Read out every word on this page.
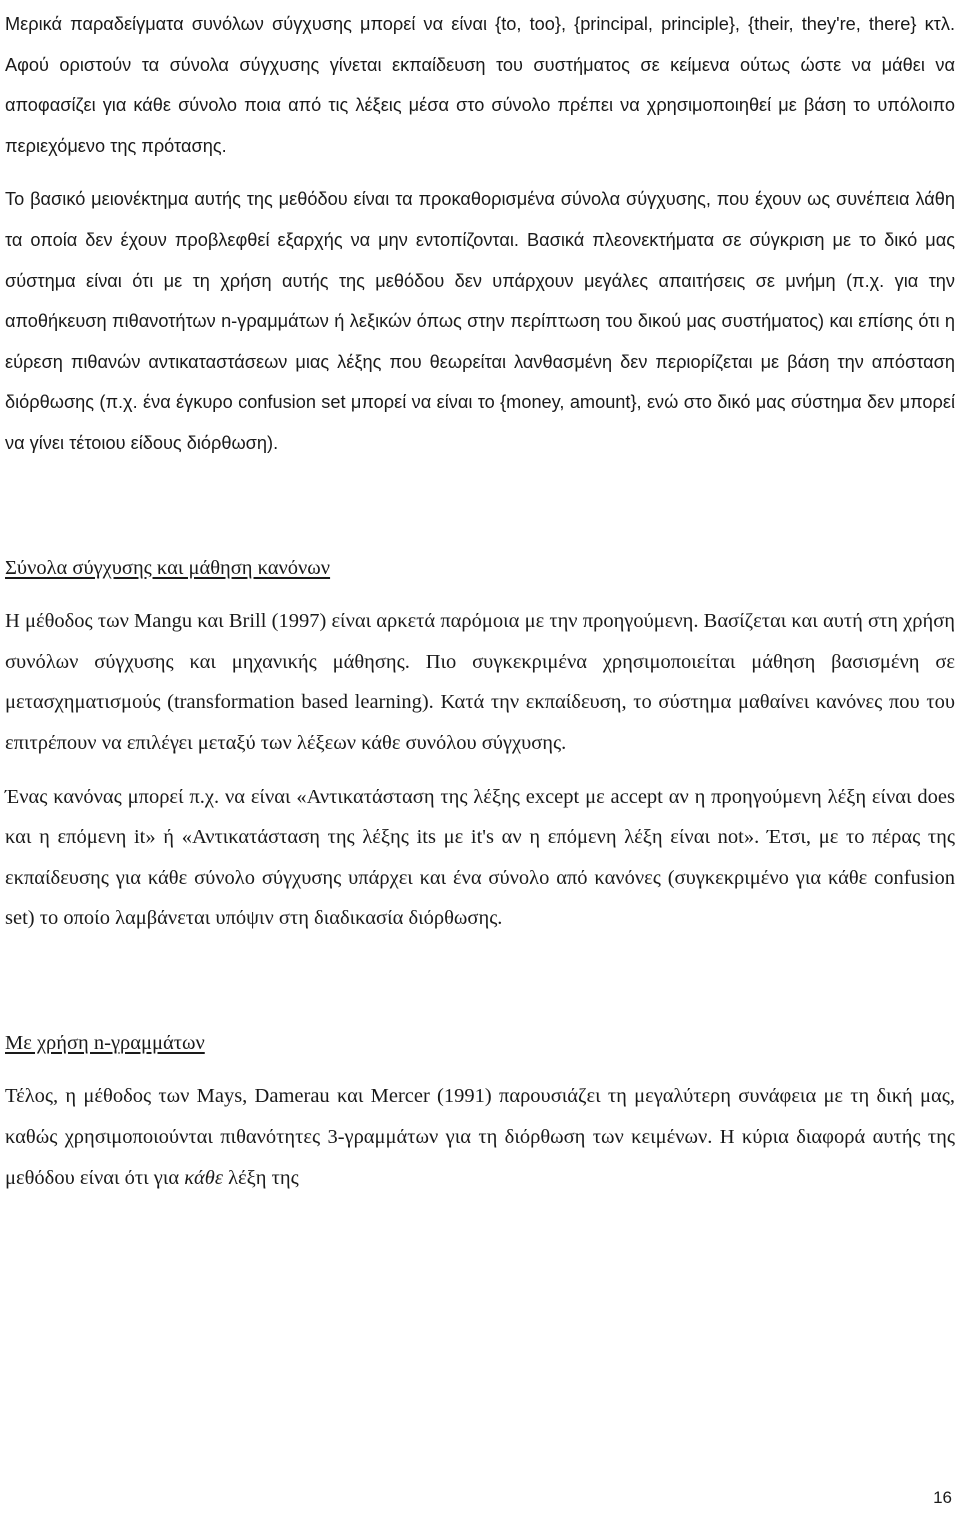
Μερικά παραδείγματα συνόλων σύγχυσης μπορεί να είναι {to, too}, {principal, principle}, {their, they're, there} κτλ. Αφού οριστούν τα σύνολα σύγχυσης γίνεται εκπαίδευση του συστήματος σε κείμενα ούτως ώστε να μάθει να αποφασίζει για κάθε σύνολο ποια από τις λέξεις μέσα στο σύνολο πρέπει να χρησιμοποιηθεί με βάση το υπόλοιπο περιεχόμενο της πρότασης.

Το βασικό μειονέκτημα αυτής της μεθόδου είναι τα προκαθορισμένα σύνολα σύγχυσης, που έχουν ως συνέπεια λάθη τα οποία δεν έχουν προβλεφθεί εξαρχής να μην εντοπίζονται. Βασικά πλεονεκτήματα σε σύγκριση με το δικό μας σύστημα είναι ότι με τη χρήση αυτής της μεθόδου δεν υπάρχουν μεγάλες απαιτήσεις σε μνήμη (π.χ. για την αποθήκευση πιθανοτήτων n-γραμμάτων ή λεξικών όπως στην περίπτωση του δικού μας συστήματος) και επίσης ότι η εύρεση πιθανών αντικαταστάσεων μιας λέξης που θεωρείται λανθασμένη δεν περιορίζεται με βάση την απόσταση διόρθωσης (π.χ. ένα έγκυρο confusion set μπορεί να είναι το {money, amount}, ενώ στο δικό μας σύστημα δεν μπορεί να γίνει τέτοιου είδους διόρθωση).

Σύνολα σύγχυσης και μάθηση κανόνων

Η μέθοδος των Mangu και Brill (1997) είναι αρκετά παρόμοια με την προηγούμενη. Βασίζεται και αυτή στη χρήση συνόλων σύγχυσης και μηχανικής μάθησης. Πιο συγκεκριμένα χρησιμοποιείται μάθηση βασισμένη σε μετασχηματισμούς (transformation based learning). Κατά την εκπαίδευση, το σύστημα μαθαίνει κανόνες που του επιτρέπουν να επιλέγει μεταξύ των λέξεων κάθε συνόλου σύγχυσης.

Ένας κανόνας μπορεί π.χ. να είναι «Αντικατάσταση της λέξης except με accept αν η προηγούμενη λέξη είναι does και η επόμενη it» ή «Αντικατάσταση της λέξης its με it's αν η επόμενη λέξη είναι not». Έτσι, με το πέρας της εκπαίδευσης για κάθε σύνολο σύγχυσης υπάρχει και ένα σύνολο από κανόνες (συγκεκριμένο για κάθε confusion set) το οποίο λαμβάνεται υπόψιν στη διαδικασία διόρθωσης.

Με χρήση n-γραμμάτων

Τέλος, η μέθοδος των Mays, Damerau και Mercer (1991) παρουσιάζει τη μεγαλύτερη συνάφεια με τη δική μας, καθώς χρησιμοποιούνται πιθανότητες 3-γραμμάτων για τη διόρθωση των κειμένων. Η κύρια διαφορά αυτής της μεθόδου είναι ότι για κάθε λέξη της

16
